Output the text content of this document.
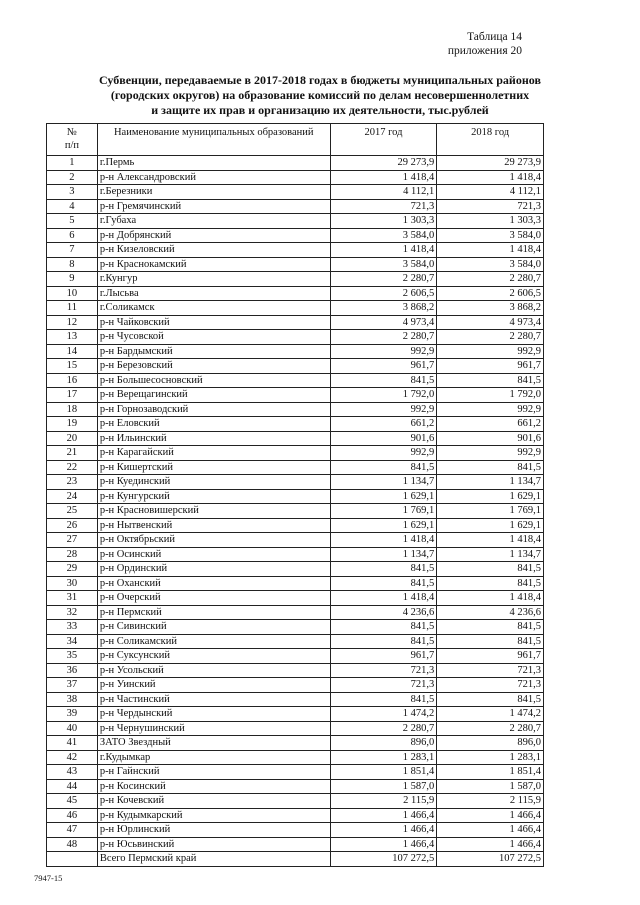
Таблица 14
приложения 20
Субвенции, передаваемые в 2017-2018 годах в бюджеты муниципальных районов
(городских округов) на образование комиссий по делам несовершеннолетних
и защите их прав и организацию их деятельности, тыс.рублей
№
п/п	Наименование муниципальных образований	2017 год	2018 год
1	г.Пермь	29 273,9	29 273,9
2	р-н Александровский	1 418,4	1 418,4
3	г.Березники	4 112,1	4 112,1
4	р-н Гремячинский	721,3	721,3
5	г.Губаха	1 303,3	1 303,3
6	р-н Добрянский	3 584,0	3 584,0
7	р-н Кизеловский	1 418,4	1 418,4
8	р-н Краснокамский	3 584,0	3 584,0
9	г.Кунгур	2 280,7	2 280,7
10	г.Лысьва	2 606,5	2 606,5
11	г.Соликамск	3 868,2	3 868,2
12	р-н Чайковский	4 973,4	4 973,4
13	р-н Чусовской	2 280,7	2 280,7
14	р-н Бардымский	992,9	992,9
15	р-н Березовский	961,7	961,7
16	р-н Большесосновский	841,5	841,5
17	р-н Верещагинский	1 792,0	1 792,0
18	р-н Горнозаводский	992,9	992,9
19	р-н Еловский	661,2	661,2
20	р-н Ильинский	901,6	901,6
21	р-н Карагайский	992,9	992,9
22	р-н Кишертский	841,5	841,5
23	р-н Куединский	1 134,7	1 134,7
24	р-н Кунгурский	1 629,1	1 629,1
25	р-н Красновишерский	1 769,1	1 769,1
26	р-н Нытвенский	1 629,1	1 629,1
27	р-н Октябрьский	1 418,4	1 418,4
28	р-н Осинский	1 134,7	1 134,7
29	р-н Ординский	841,5	841,5
30	р-н Оханский	841,5	841,5
31	р-н Очерский	1 418,4	1 418,4
32	р-н Пермский	4 236,6	4 236,6
33	р-н Сивинский	841,5	841,5
34	р-н Соликамский	841,5	841,5
35	р-н Суксунский	961,7	961,7
36	р-н Усольский	721,3	721,3
37	р-н Уинский	721,3	721,3
38	р-н Частинский	841,5	841,5
39	р-н Чердынский	1 474,2	1 474,2
40	р-н Чернушинский	2 280,7	2 280,7
41	ЗАТО Звездный	896,0	896,0
42	г.Кудымкар	1 283,1	1 283,1
43	р-н Гайнский	1 851,4	1 851,4
44	р-н Косинский	1 587,0	1 587,0
45	р-н Кочевский	2 115,9	2 115,9
46	р-н Кудымкарский	1 466,4	1 466,4
47	р-н Юрлинский	1 466,4	1 466,4
48	р-н Юсьвинский	1 466,4	1 466,4
	Всего Пермский край	107 272,5	107 272,5
7947-15
